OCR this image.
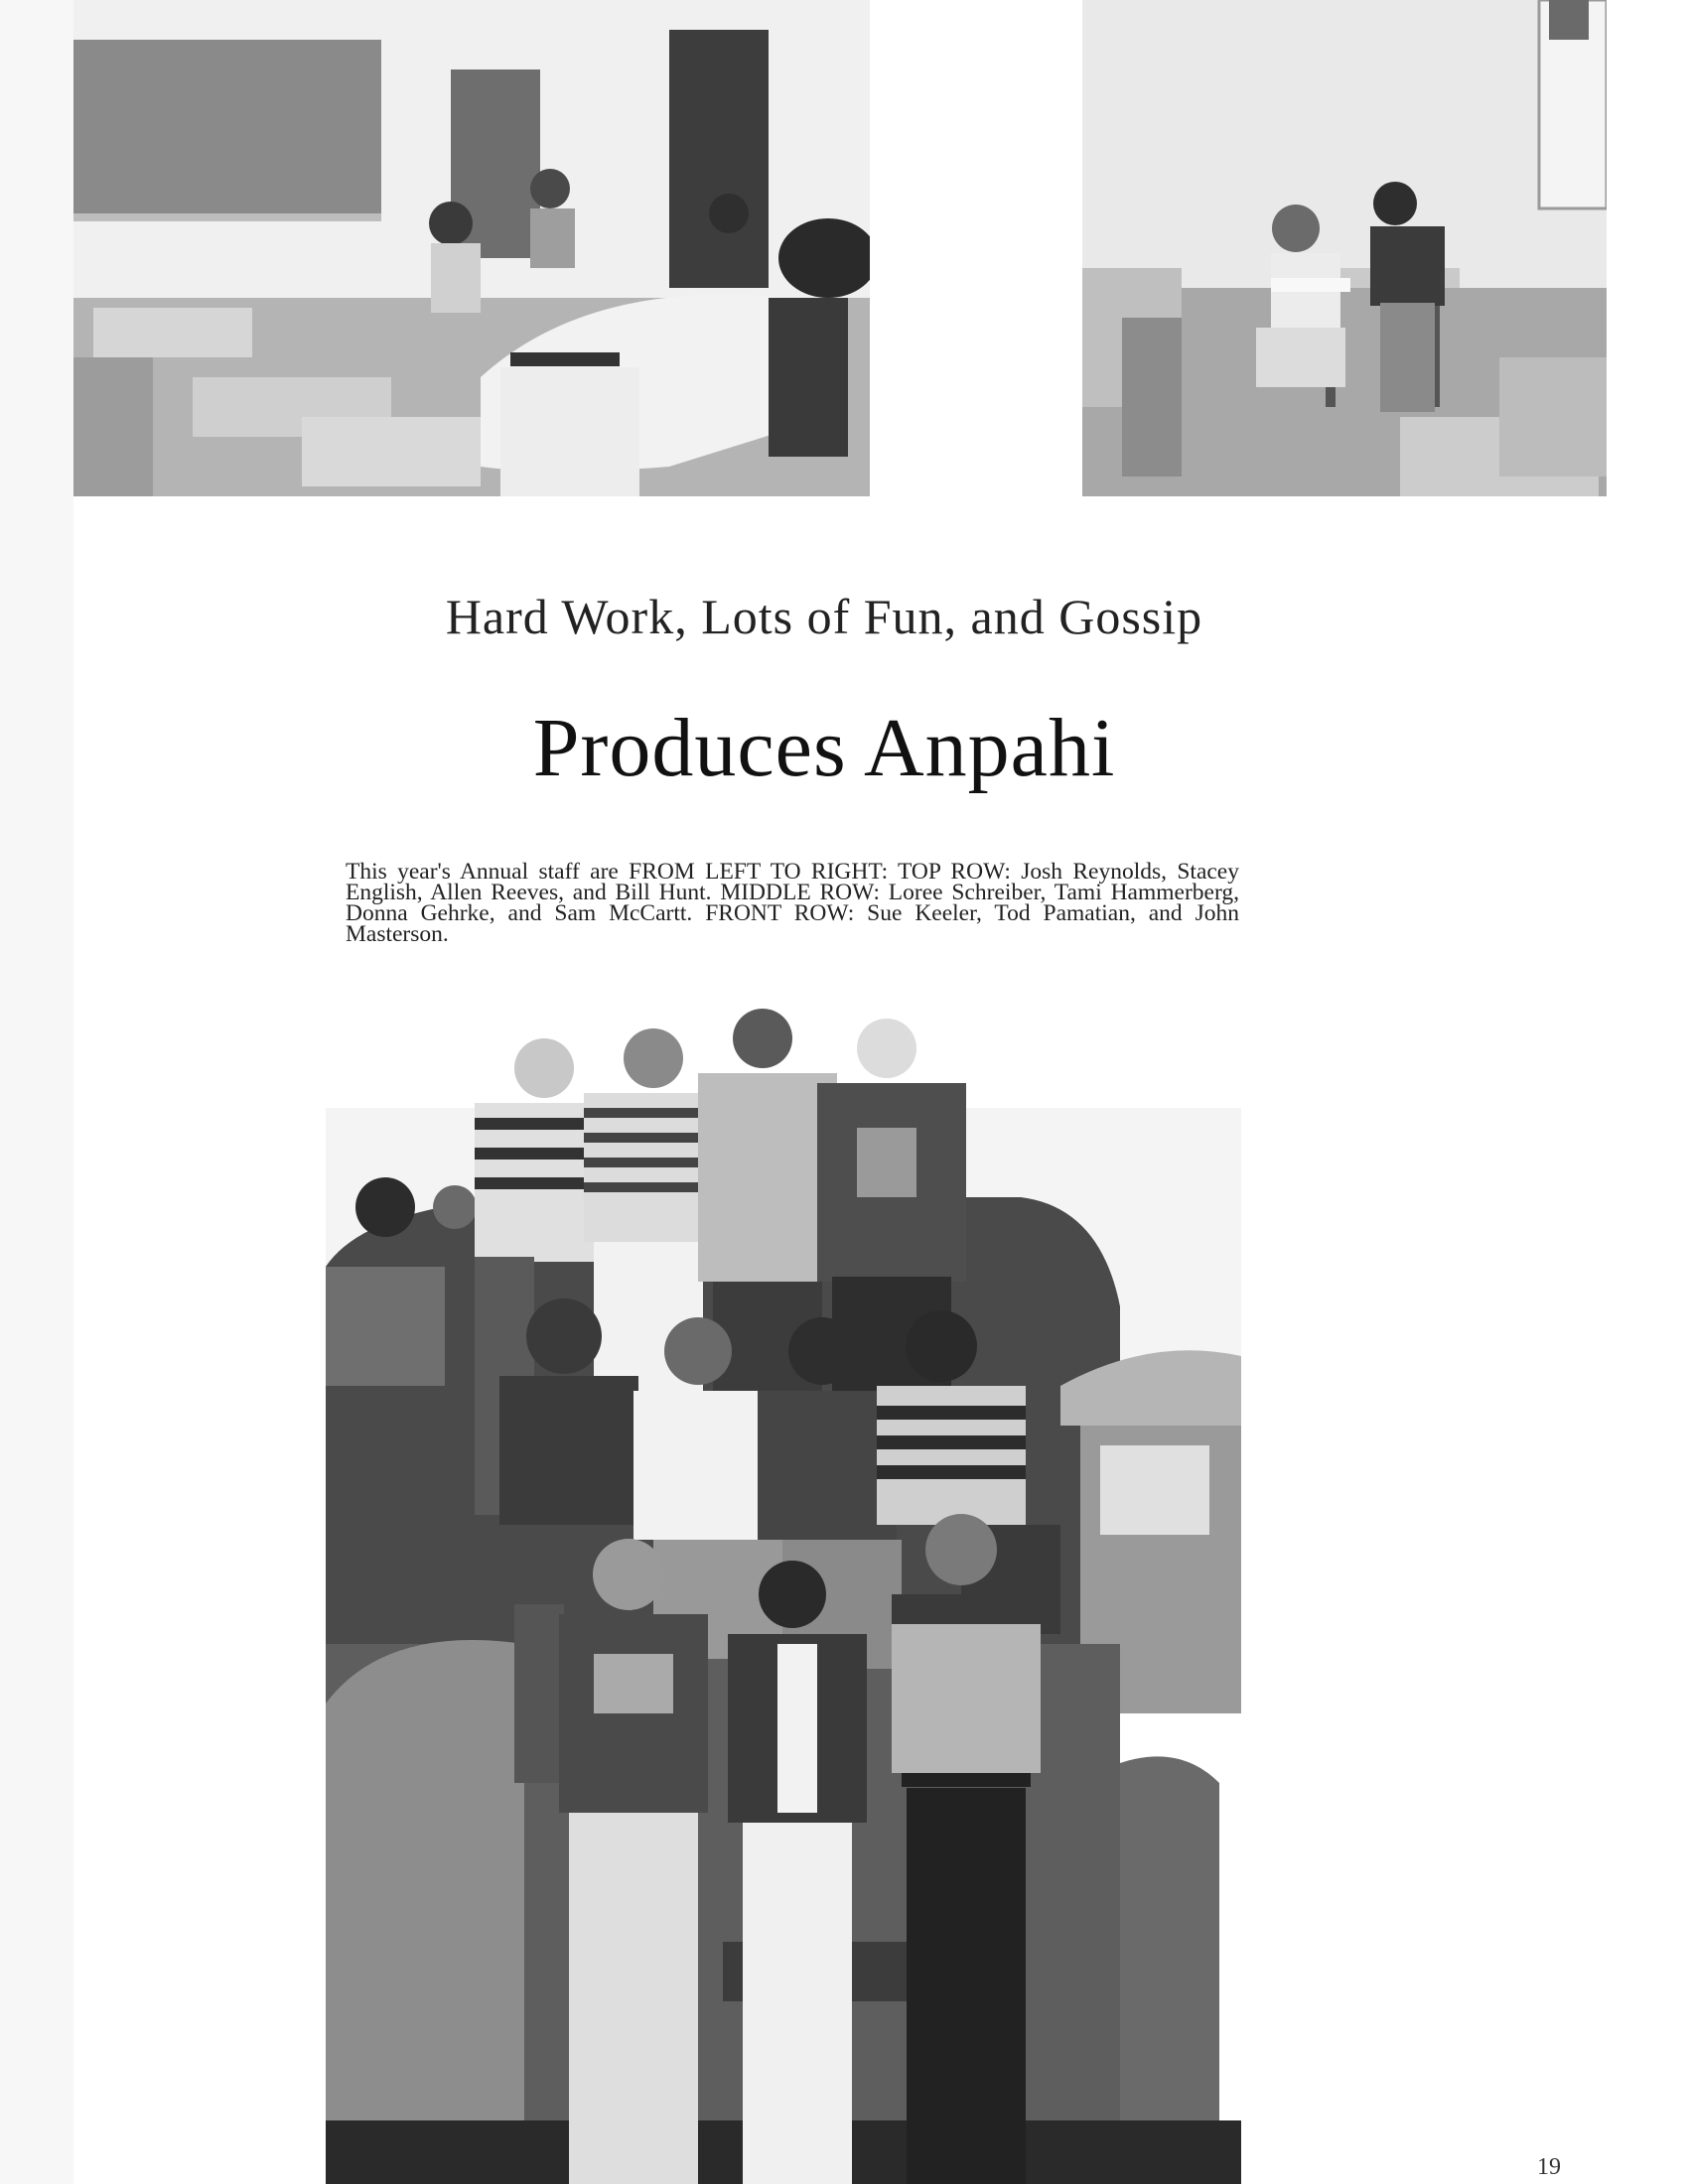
Hard Work, Lots of Fun, and Gossip
Produces Anpahi
This year's Annual staff are FROM LEFT TO RIGHT: TOP ROW: Josh Reynolds, Stacey English, Allen Reeves, and Bill Hunt. MIDDLE ROW: Loree Schreiber, Tami Hammerberg, Donna Gehrke, and Sam McCartt. FRONT ROW: Sue Keeler, Tod Pamatian, and John Masterson.
19
